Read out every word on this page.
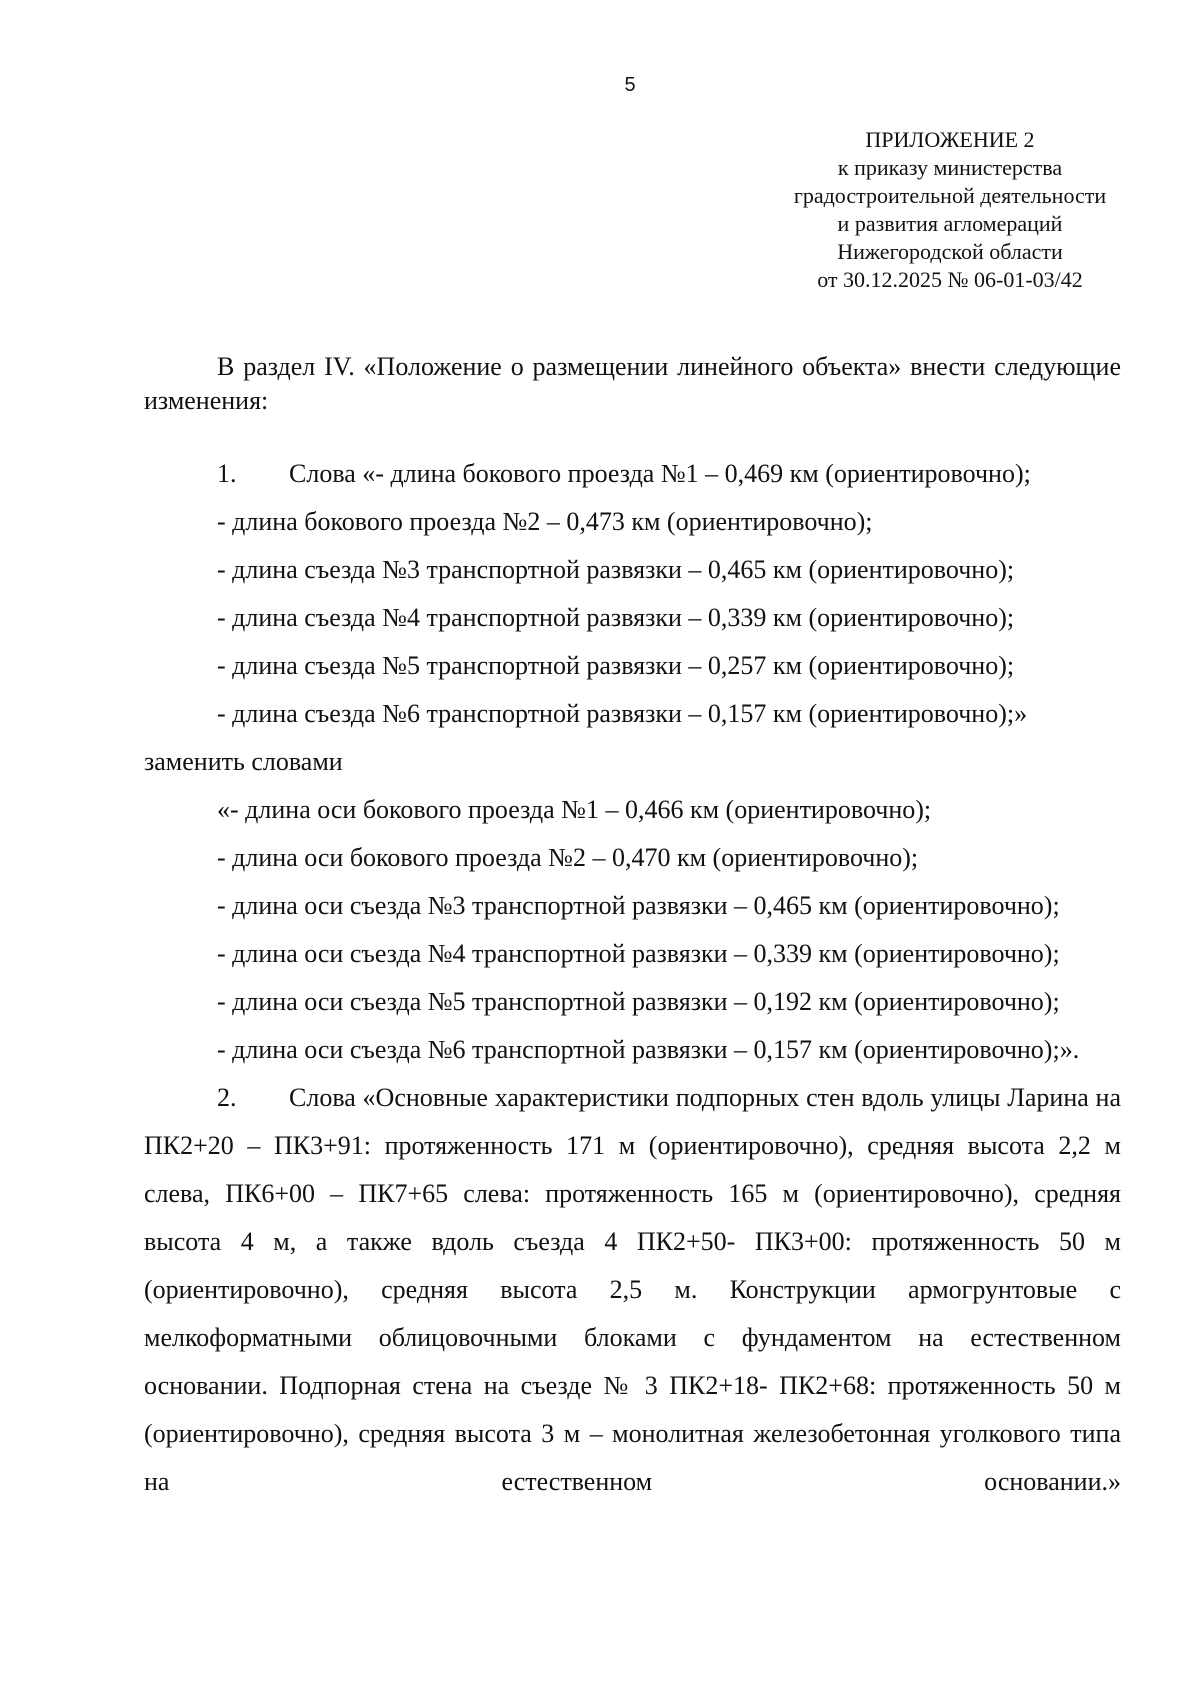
5
ПРИЛОЖЕНИЕ 2
к приказу министерства
градостроительной деятельности
и развития агломераций
Нижегородской области
от 30.12.2025 № 06-01-03/42
В раздел IV. «Положение о размещении линейного объекта» внести следующие изменения:

1. Слова «- длина бокового проезда №1 – 0,469 км (ориентировочно);

- длина бокового проезда №2 – 0,473 км (ориентировочно);

- длина съезда №3 транспортной развязки – 0,465 км (ориентировочно);

- длина съезда №4 транспортной развязки – 0,339 км (ориентировочно);

- длина съезда №5 транспортной развязки – 0,257 км (ориентировочно);

- длина съезда №6 транспортной развязки – 0,157 км (ориентировочно);»

заменить словами

«- длина оси бокового проезда №1 – 0,466 км (ориентировочно);

- длина оси бокового проезда №2 – 0,470 км (ориентировочно);

- длина оси съезда №3 транспортной развязки – 0,465 км (ориентировочно);

- длина оси съезда №4 транспортной развязки – 0,339 км (ориентировочно);

- длина оси съезда №5 транспортной развязки – 0,192 км (ориентировочно);

- длина оси съезда №6 транспортной развязки – 0,157 км (ориентировочно);».

2. Слова «Основные характеристики подпорных стен вдоль улицы Ларина на ПК2+20 – ПК3+91: протяженность 171 м (ориентировочно), средняя высота 2,2 м слева, ПК6+00 – ПК7+65 слева: протяженность 165 м (ориентировочно), средняя высота 4 м, а также вдоль съезда 4 ПК2+50- ПК3+00: протяженность 50 м (ориентировочно), средняя высота 2,5 м. Конструкции армогрунтовые с мелкоформатными облицовочными блоками с фундаментом на естественном основании. Подпорная стена на съезде № 3 ПК2+18- ПК2+68: протяженность 50 м (ориентировочно), средняя высота 3 м – монолитная железобетонная уголкового типа на естественном основании.»
